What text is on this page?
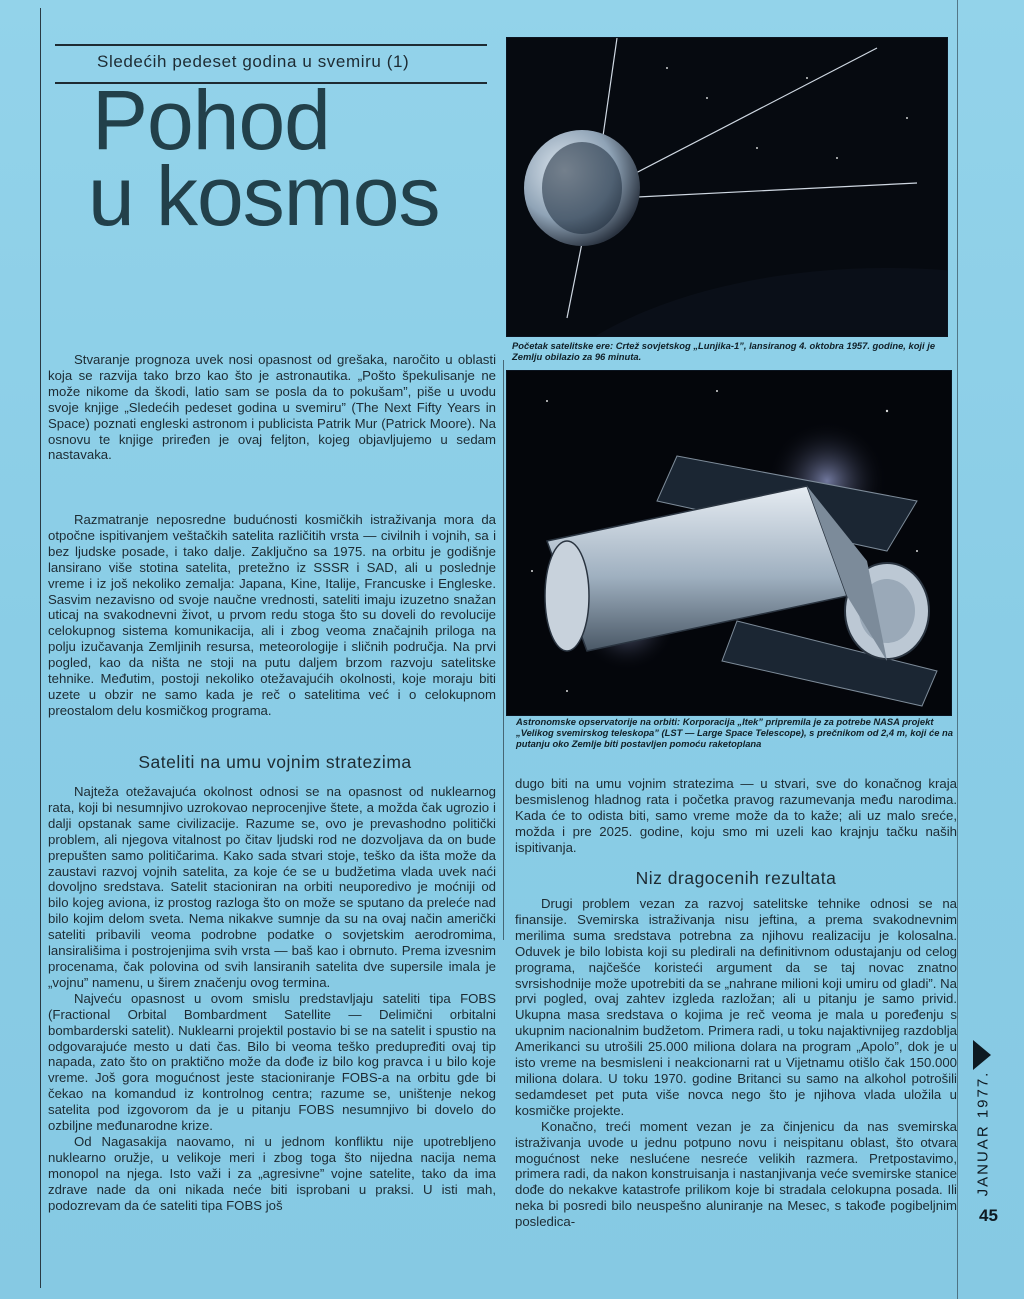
Sledećih pedeset godina u svemiru (1)
Pohod
u kosmos
Početak satelitske ere: Crtež sovjetskog „Lunjika-1”, lansiranog 4. oktobra 1957. godine, koji je Zemlju obilazio za 96 minuta.
Astronomske opservatorije na orbiti: Korporacija „Itek” pripremila je za potrebe NASA projekt „Velikog svemirskog teleskopa” (LST — Large Space Telescope), s prečnikom od 2,4 m, koji će na putanju oko Zemlje biti postavljen pomoću raketoplana

Stvaranje prognoza uvek nosi opasnost od grešaka, naročito u oblasti koja se razvija tako brzo kao što je astronautika. „Pošto špekulisanje ne može nikome da škodi, latio sam se posla da to pokušam”, piše u uvodu svoje knjige „Sledećih pedeset godina u svemiru” (The Next Fifty Years in Space) poznati engleski astronom i publicista Patrik Mur (Patrick Moore). Na osnovu te knjige priređen je ovaj feljton, kojeg objavljujemo u sedam nastavaka.

Razmatranje neposredne budućnosti kosmičkih istraživanja mora da otpočne ispitivanjem veštačkih satelita različitih vrsta — civilnih i vojnih, sa i bez ljudske posade, i tako dalje. Zaključno sa 1975. na orbitu je godišnje lansirano više stotina satelita, pretežno iz SSSR i SAD, ali u poslednje vreme i iz još nekoliko zemalja: Japana, Kine, Italije, Francuske i Engleske. Sasvim nezavisno od svoje naučne vrednosti, sateliti imaju izuzetno snažan uticaj na svakodnevni život, u prvom redu stoga što su doveli do revolucije celokupnog sistema komunikacija, ali i zbog veoma značajnih priloga na polju izučavanja Zemljinih resursa, meteorologije i sličnih područja. Na prvi pogled, kao da ništa ne stoji na putu daljem brzom razvoju satelitske tehnike. Međutim, postoji nekoliko otežavajućih okolnosti, koje moraju biti uzete u obzir ne samo kada je reč o satelitima već i o celokupnom preostalom delu kosmičkog programa.

Sateliti na umu vojnim stratezima

Najteža otežavajuća okolnost odnosi se na opasnost od nuklearnog rata, koji bi nesumnjivo uzrokovao neprocenjive štete, a možda čak ugrozio i dalji opstanak same civilizacije. Razume se, ovo je prevashodno politički problem, ali njegova vitalnost po čitav ljudski rod ne dozvoljava da on bude prepušten samo političarima. Kako sada stvari stoje, teško da išta može da zaustavi razvoj vojnih satelita, za koje će se u budžetima vlada uvek naći dovoljno sredstava. Satelit stacioniran na orbiti neuporedivo je moćniji od bilo kojeg aviona, iz prostog razloga što on može se sputano da preleće nad bilo kojim delom sveta. Nema nikakve sumnje da su na ovaj način američki sateliti pribavili veoma podrobne podatke o sovjetskim aerodromima, lansirališima i postrojenjima svih vrsta — baš kao i obrnuto. Prema izvesnim procenama, čak polovina od svih lansiranih satelita dve supersile imala je „vojnu” namenu, u širem značenju ovog termina.

Najveću opasnost u ovom smislu predstavljaju sateliti tipa FOBS (Fractional Orbital Bombardment Satellite — Delimični orbitalni bombarderski satelit). Nuklearni projektil postavio bi se na satelit i spustio na odgovarajuće mesto u dati čas. Bilo bi veoma teško predupređiti ovaj tip napada, zato što on praktično može da dođe iz bilo kog pravca i u bilo koje vreme. Još gora mogućnost jeste stacioniranje FOBS-a na orbitu gde bi čekao na komandud iz kontrolnog centra; razume se, uništenje nekog satelita pod izgovorom da je u pitanju FOBS nesumnjivo bi dovelo do ozbiljne međunarodne krize.

Od Nagasakija naovamo, ni u jednom konfliktu nije upotrebljeno nuklearno oružje, u velikoje meri i zbog toga što nijedna nacija nema monopol na njega. Isto važi i za „agresivne” vojne satelite, tako da ima zdrave nade da oni nikada neće biti isprobani u praksi. U isti mah, podozrevam da će sateliti tipa FOBS još

dugo biti na umu vojnim stratezima — u stvari, sve do konačnog kraja besmislenog hladnog rata i početka pravog razumevanja među narodima. Kada će to odista biti, samo vreme može da to kaže; ali uz malo sreće, možda i pre 2025. godine, koju smo mi uzeli kao krajnju tačku naših ispitivanja.

Niz dragocenih rezultata

Drugi problem vezan za razvoj satelitske tehnike odnosi se na finansije. Svemirska istraživanja nisu jeftina, a prema svakodnevnim merilima suma sredstava potrebna za njihovu realizaciju je kolosalna. Oduvek je bilo lobista koji su pledirali na definitivnom odustajanju od celog programa, najčešće koristeći argument da se taj novac znatno svrsishodnije može upotrebiti da se „nahrane milioni koji umiru od gladi”. Na prvi pogled, ovaj zahtev izgleda razložan; ali u pitanju je samo privid. Ukupna masa sredstava o kojima je reč veoma je mala u poređenju s ukupnim nacionalnim budžetom. Primera radi, u toku najaktivnijeg razdoblja Amerikanci su utrošili 25.000 miliona dolara na program „Apolo”, dok je u isto vreme na besmisleni i neakcionarni rat u Vijetnamu otišlo čak 150.000 miliona dolara. U toku 1970. godine Britanci su samo na alkohol potrošili sedamdeset pet puta više novca nego što je njihova vlada uložila u kosmičke projekte.

Konačno, treći moment vezan je za činjenicu da nas svemirska istraživanja uvode u jednu potpuno novu i neispitanu oblast, što otvara mogućnost neke neslućene nesreće velikih razmera. Pretpostavimo, primera radi, da nakon konstruisanja i nastanjivanja veće svemirske stanice dođe do nekakve katastrofe prilikom koje bi stradala celokupna posada. Ili neka bi posredi bilo neuspešno aluniranje na Mesec, s takođe pogibeljnim posledica-

JANUAR 1977.
45
